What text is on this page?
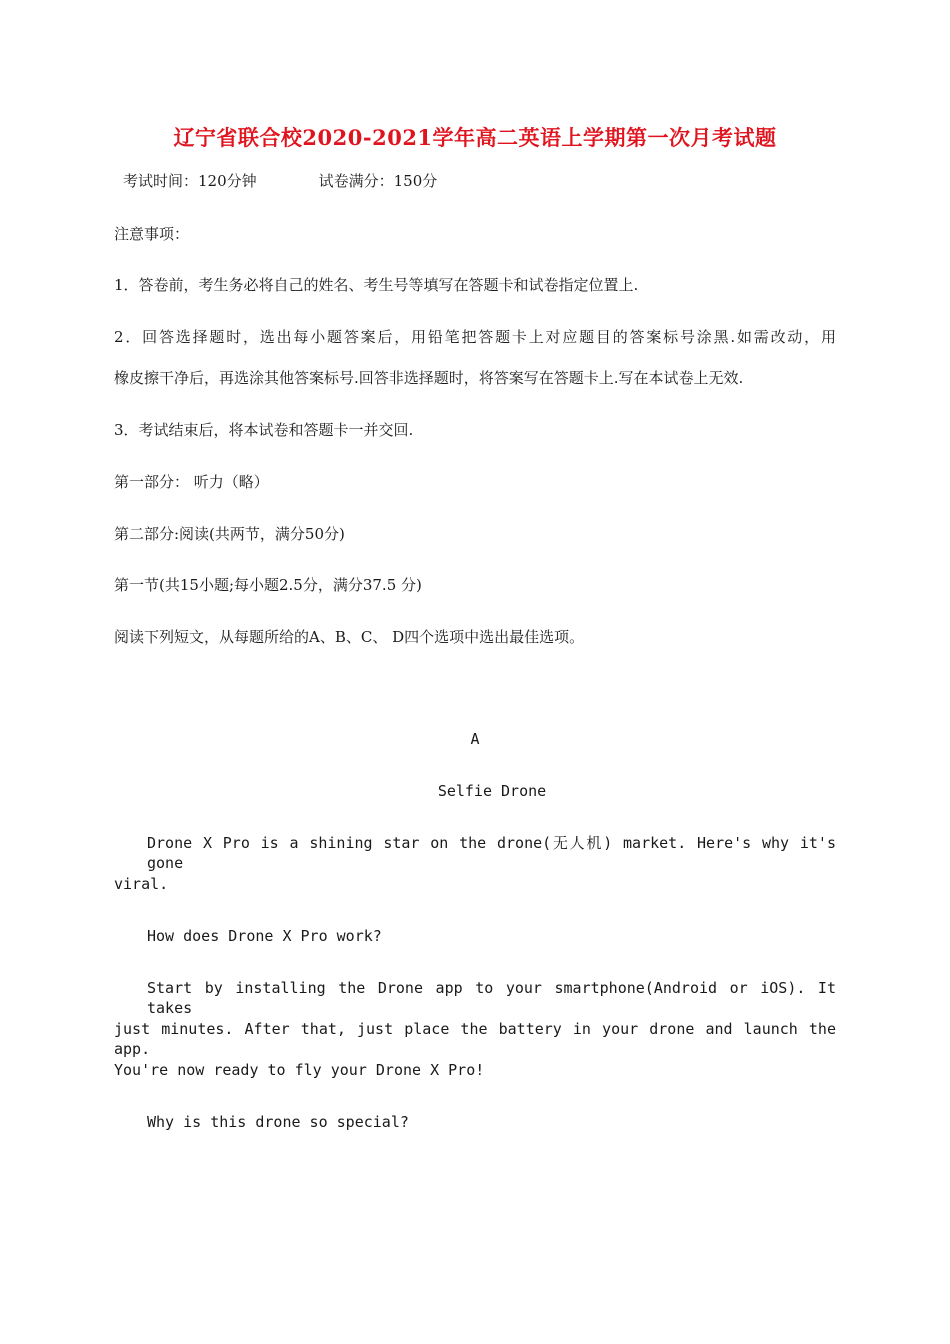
辽宁省联合校2020-2021学年高二英语上学期第一次月考试题
考试时间：120分钟	试卷满分：150分
注意事项：
1．答卷前，考生务必将自己的姓名、考生号等填写在答题卡和试卷指定位置上.
2．回答选择题时，选出每小题答案后，用铅笔把答题卡上对应题目的答案标号涂黑.如需改动，用
橡皮擦干净后，再选涂其他答案标号.回答非选择题时，将答案写在答题卡上.写在本试卷上无效.
3．考试结束后，将本试卷和答题卡一并交回.
第一部分： 听力（略）
第二部分:阅读(共两节，满分50分)
第一节(共15小题;每小题2.5分，满分37.5 分)
阅读下列短文，从每题所给的A、B、C、 D四个选项中选出最佳选项。
A
Selfie Drone
Drone X Pro is a shining star on the drone(无人机) market. Here's why it's gone
viral.
How does Drone X Pro work?
Start by installing the Drone app to your smartphone(Android or iOS). It takes
just minutes. After that, just place the battery in your drone and launch the app.
You're now ready to fly your Drone X Pro!
Why is this drone so special?
